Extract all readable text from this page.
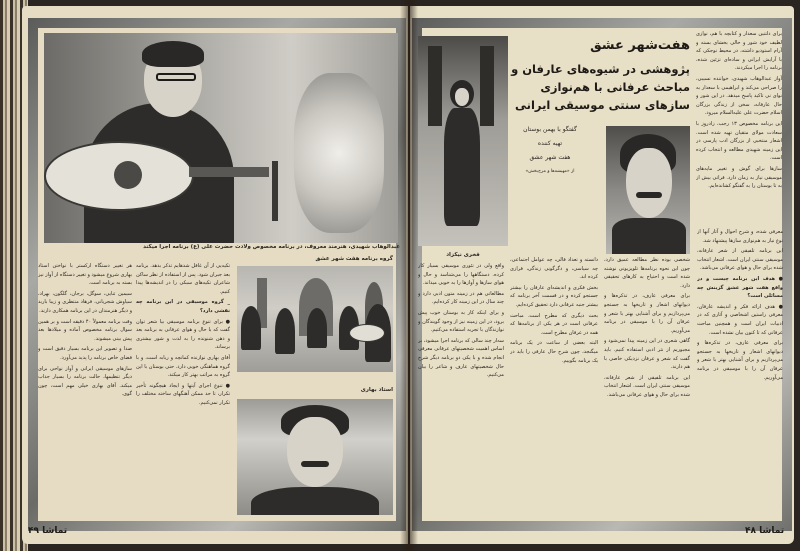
عبدالوهاب شهیدی، هنرمند معروف، در برنامه مخصوص ولادت حضرت علی (ع) برنامه اجرا میکند
فخری نیکزاد
هفت‌شهر عشق
پژوهشی در شیوه‌های عارفان و
مباحث عرفانی با هم‌نوازی
سازهای سنتی موسیقی ایرانی
گفتگو با بهمن بوستان
تهیه کننده
هفت شهر عشق
از «مهیشه‌ها و مرج‌بخش»

برای دلتنین سعدار و کتابچه با هم، نوازی لطیف خود شور و حالی بخشای بسته و آرام استودیو داشته، در محیط نوجکی که با آرایش ایرانی و ساده‌ای تزئین شده، برنامه را اجرا میکردند.

آواز عبدالوهاب شهیدی، خواننده نسیبی، را صراحی می‌کند و ابراهیمی با سعدار به نوای نی تاکید پاسخ میدهد. در این شور و حال عارفانه، سخن از زندگی بزرگان اسلام حضرت علی علیه‌السلام میرود.

این برنامه مخصوص ۱۳ رجب، زادروز با سعادت مولای متقیان تهیه شده است. اشعار منتخبی از بزرگان ادب پارسی در این زمینه شهیدی مطالعه و انتخاب کرده است.

سازها برای گوش و تغییر مایه‌های موسیقی نیاز به زمان دارد. فراتی بیش از به تا بوستان را به گفتگو کشانده‌ایم.

معرفی شده، و شرح احوال و آثار آنها از نوع نیاز به هم‌نوازی سازها پیشنهاد شد.

این برنامه تلفیقی از شعر عارفانه، موسیقی سنتی ایران است. اشعار انتخاب شده برای حال و هوای عرفانی می‌باشد.

● هدف این برنامه چیست و در واقع هفت شهر عشق گزینش چه مسائلی است؟

● هدف ارائه فکر و اندیشه عارفان، معرفی راستین اشخاصی و آثاری که در ادبیات ایران است و همچنین مباحث عرفانی که تا کنون بیان نشده است.

برای معرفی عارف، در تذکره‌ها و دیوانهای اشعار و تاریخها به جستجو می‌پردازیم و برای آشنایی بهتر با شعر و عرفان آن را با موسیقی در برنامه می‌آوریم.

شخصی بوده نظر مطالعه عمیق دارد، چون این نحوه برنامه‌ها تلویزیونی نوشته شده است و احتیاج به کارهای تحقیقی دارد.

برای معرفی عارف، در تذکره‌ها و دیوانهای اشعار و تاریخها به جستجو می‌پردازیم و برای آشنایی بهتر با شعر و عرفان آن را با موسیقی در برنامه می‌آوریم.

گاهی شعری در این زمینه پیدا نمی‌شود و مجبوریم از نثر ادبی استفاده کنیم. باید گفت که شعر و عرفان نزدیکی خاصی با هم دارند.

این برنامه تلفیقی از شعر عارفانه، موسیقی سنتی ایران است. اشعار انتخاب شده برای حال و هوای عرفانی می‌باشد.

دانسته و تعداد فالی، چه عوامل اجتماعی، چه سیاسی، و دگرگونی زندگی، فرازی کرده اند.

بخش فکری و اندیشه‌ای عارفان را بیشتر جستجو کرده و در قسمت آخر برنامه که بیشتر جنبه عرفانی دارد تحقیق کرده‌ایم.

بحث دیگری که مطرح است، مباحث عرفانی است در هر یکی از برنامه‌ها که همه در عرفان مطرح است.

البته بعضی از ساعت در یک برنامه میگنجد، چون شرح حال عارفی را باید در یک برنامه بگوییم.

واقع ولی در تئوری موسیقی بسیار کار کرده. دستگاهها را می‌شناسد و حال و هوای سازها و آوازها را به خوبی میداند.

مطالعاتی هم در زمینه متون ادبی دارد و چند سال در این زمینه کار کرده‌ایم.

و برای اینکه کار به بوستان خوب پیش برود، در این زمینه نیز از وجود گویندگان و نوازندگان با تجربه استفاده می‌کنیم.

سه‌ار چند سالی که برنامه اجرا میشود، بر اساس اهمیت شخصیتهای عرفانی معرفی انجام شده و با یکی دو برنامه دیگر شرح حال شخصیتهای عارف و شاعر را بیان می‌کنیم.

گروه برنامه هفت شهر عشق
استاد بهاری

تکیه‌یی از آن غافل شدهایم تذکر بدهد. برنامه بعد جبران شود. پس از استفاده از نظر ساکن شاعران تکیه‌های سبکی را در اندیشه‌ها پیدا کنیم.

_ گروه موسیقی در این برنامه چه نقشی دارد؟

● برای تنوع برنامه موسیقی بیا شعر توان گفت که با حال و هوای عرفانی به برنامه بعد و ذهن شنونده را به لذت و شور بیشتری برساند.

آقای بهاری نوازنده کمانچه و ربابه است، و با گروه هماهنگی خوبی دارد. حتی بوستان با این گروه به مراتب بهتر کار میکند.

● تنوع اجرای آیتها و ایجاد هیچگونه تأخیر تکرار، تا حد ممکن آهنگهای ساخته مختلف را تکرار نمی‌کنیم.

هر تغییر دستگاه ارکستر با نواختن استاد بهاری شروع میشود و تغییر دستگاه از آواز نیز بسته به برنامه است.

سیمین ثنایی، سوگل، برجان، گلگون، بهراد، سیاوش شجریانی، فرهاد منتظری و زیبا باربد و دیگر هنرمندان در این برنامه همکاری دارند.

وقت برنامه معمولاً ۴۰ دقیقه است و بر همین سوال برنامه مخصوص آماده و میلادها بعد پیش بینی میشوند.

صدا و تصویر این برنامه بسیار دقیق است و فضای خاص برنامه را پدید می‌آورد.

سازهای موسیقی ایرانی و آواز نواحی برای دیگر تنظیمها، حالت برنامه را بسیار جذاب میکند. آقای بهاری خیلی مهم است، چون گوی.

تماشا ۴۹	تماشا ۴۸
